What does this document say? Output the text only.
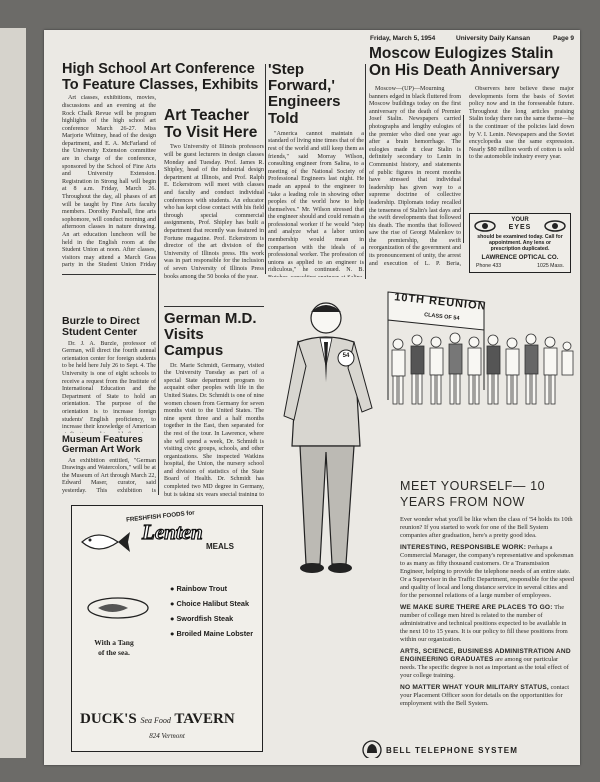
Friday, March 5, 1954	University Daily Kansan	Page 9
High School Art Conference To Feature Classes, Exhibits

Art classes, exhibitions, movies, discussions and an evening at the Rock Chalk Revue will be program highlights of the high school art conference March 26-27. Miss Marjorie Whitney, head of the design department, and E. A. McFarland of the University Extension committee are in charge of the conference, sponsored by the School of Fine Arts and University Extension. Registration in Strong hall will begin at 8 a.m. Friday, March 26. Throughout the day, all phases of art will be taught by Fine Arts faculty members. Dorothy Parshall, fine arts sophomore, will conduct morning and afternoon classes in nature drawing. An art education luncheon will be held in the English room at the Student Union at noon. After classes, visitors may attend a March Gras party in the Student Union Friday

Art Teacher To Visit Here

Two University of Illinois professors will be guest lecturers in design classes Monday and Tuesday. Prof. James R. Shipley, head of the industrial design department at Illinois, and Prof. Ralph E. Eckerstrom will meet with classes and faculty and conduct individual conferences with students. An educator who has kept close contact with his field through special commercial assignments, Prof. Shipley has built a department that recently was featured in Fortune magazine. Prof. Eckerstrom is director of the art division of the University of Illinois press. His work was in part responsible for the inclusion of seven University of Illinois Press books among the 50 books of the year.

Burzle to Direct Student Center

Dr. J. A. Burzle, professor of German, will direct the fourth annual orientation center for foreign students to be held here July 26 to Sept. 4. The University is one of eight schools to receive a request from the Institute of International Education and the Department of State to hold an orientation. The purpose of the orientation is to increase foreign students' English proficiency, to increase their knowledge of American

Museum Features German Art Work

An exhibition entitled, "German Drawings and Watercolors," will be at the Museum of Art through March 22, Edward Maser, curator, said yesterday. This exhibition is

German M.D. Visits Campus

Dr. Marie Schmidt, Germany, visited the University Tuesday as part of a special State department program to acquaint other peoples with life in the United States. Dr. Schmidt is one of nine women chosen from Germany for seven months visit to the United States. The nine spent three and a half months together in the East, then separated for the rest of the tour. In Lawrence, where she will spend a week, Dr. Schmidt is visiting civic groups, schools, and other organizations. She inspected Watkins hospital, the Union, the nursery school and division of statistics of the State Board of Health. Dr. Schmidt has completed two MD degree in Germany, but is taking six years special training to

'Step Forward,' Engineers Told

"America cannot maintain a standard of living nine times that of the rest of the world and still keep them as friends," said Morray Wilson, consulting engineer from Salina, to a meeting of the National Society of Professional Engineers last night. He made an appeal to the engineer to "take a leading role in showing other peoples of the world how to help themselves." Mr. Wilson stressed that the engineer should and could remain a professional worker if he would "step and analyze what a labor union membership would mean in comparison with the ideals of a professional worker. The profession of unions as applied to an engineer is ridiculous," he continued. N. B.

Moscow Eulogizes Stalin On His Death Anniversary

Moscow—(UP)—Mourning banners edged in black fluttered from Moscow buildings today on the first anniversary of the death of Premier Josef Stalin. Newspapers carried photographs and lengthy eulogies of the premier who died one year ago after a brain hemorrhage. The eulogies made it clear Stalin is definitely secondary to Lenin in Communist history, and statements of public figures in recent months have stressed that individual leadership has given way to a supreme doctrine of collective leadership. Diplomats today recalled the tenseness of Stalin's last days and the swift developments that followed his death. The months that followed saw the rise of Georgi Malenkov to the premiership, the swift reorganization of the government and its pronouncement of unity, the arrest and execution of L. P. Beria,

Observers here believe these major developments form the basis of Soviet policy now and in the foreseeable future. Throughout the long articles praising Stalin today there ran the same theme—he is the continuer of the policies laid down by V. I. Lenin. Newspapers and the Soviet encyclopedia use the same expression. Nearly $80 million worth of cotton is sold to the automobile industry every year.

YOUR
EYES
should be examined today. Call for appointment. Any lens or prescription duplicated.
LAWRENCE OPTICAL CO.
Phone 433	1025 Mass.
FRESHFISH FOODS for
Lenten
MEALS
With a Tang of the sea.
● Rainbow Trout
● Choice Halibut Steak
● Swordfish Steak
● Broiled Maine Lobster
DUCK'S Sea Food TAVERN
824 Vermont
10TH REUNION
CLASS OF 54
54
MEET YOURSELF— 10 YEARS FROM NOW

Ever wonder what you'll be like when the class of '54 holds its 10th reunion? If you started to work for one of the Bell System companies after graduation, here's a pretty good idea.

INTERESTING, RESPONSIBLE WORK: Perhaps a Commercial Manager, the company's representative and spokesman to as many as fifty thousand customers. Or a Transmission Engineer, helping to provide the telephone needs of an entire state. Or a Supervisor in the Traffic Department, responsible for the speed and quality of local and long distance service in several cities and for the personnel relations of a large number of employees.

WE MAKE SURE THERE ARE PLACES TO GO: The number of college men hired is related to the number of administrative and technical positions expected to be available in the next 10 to 15 years. It is our policy to fill these positions from within our organization.

ARTS, SCIENCE, BUSINESS ADMINISTRATION AND ENGINEERING GRADUATES are among our particular needs. The specific degree is not as important as the total effect of your college training.

NO MATTER WHAT YOUR MILITARY STATUS, contact your Placement Officer soon for details on the opportunities for employment with the Bell System.

BELL TELEPHONE SYSTEM
